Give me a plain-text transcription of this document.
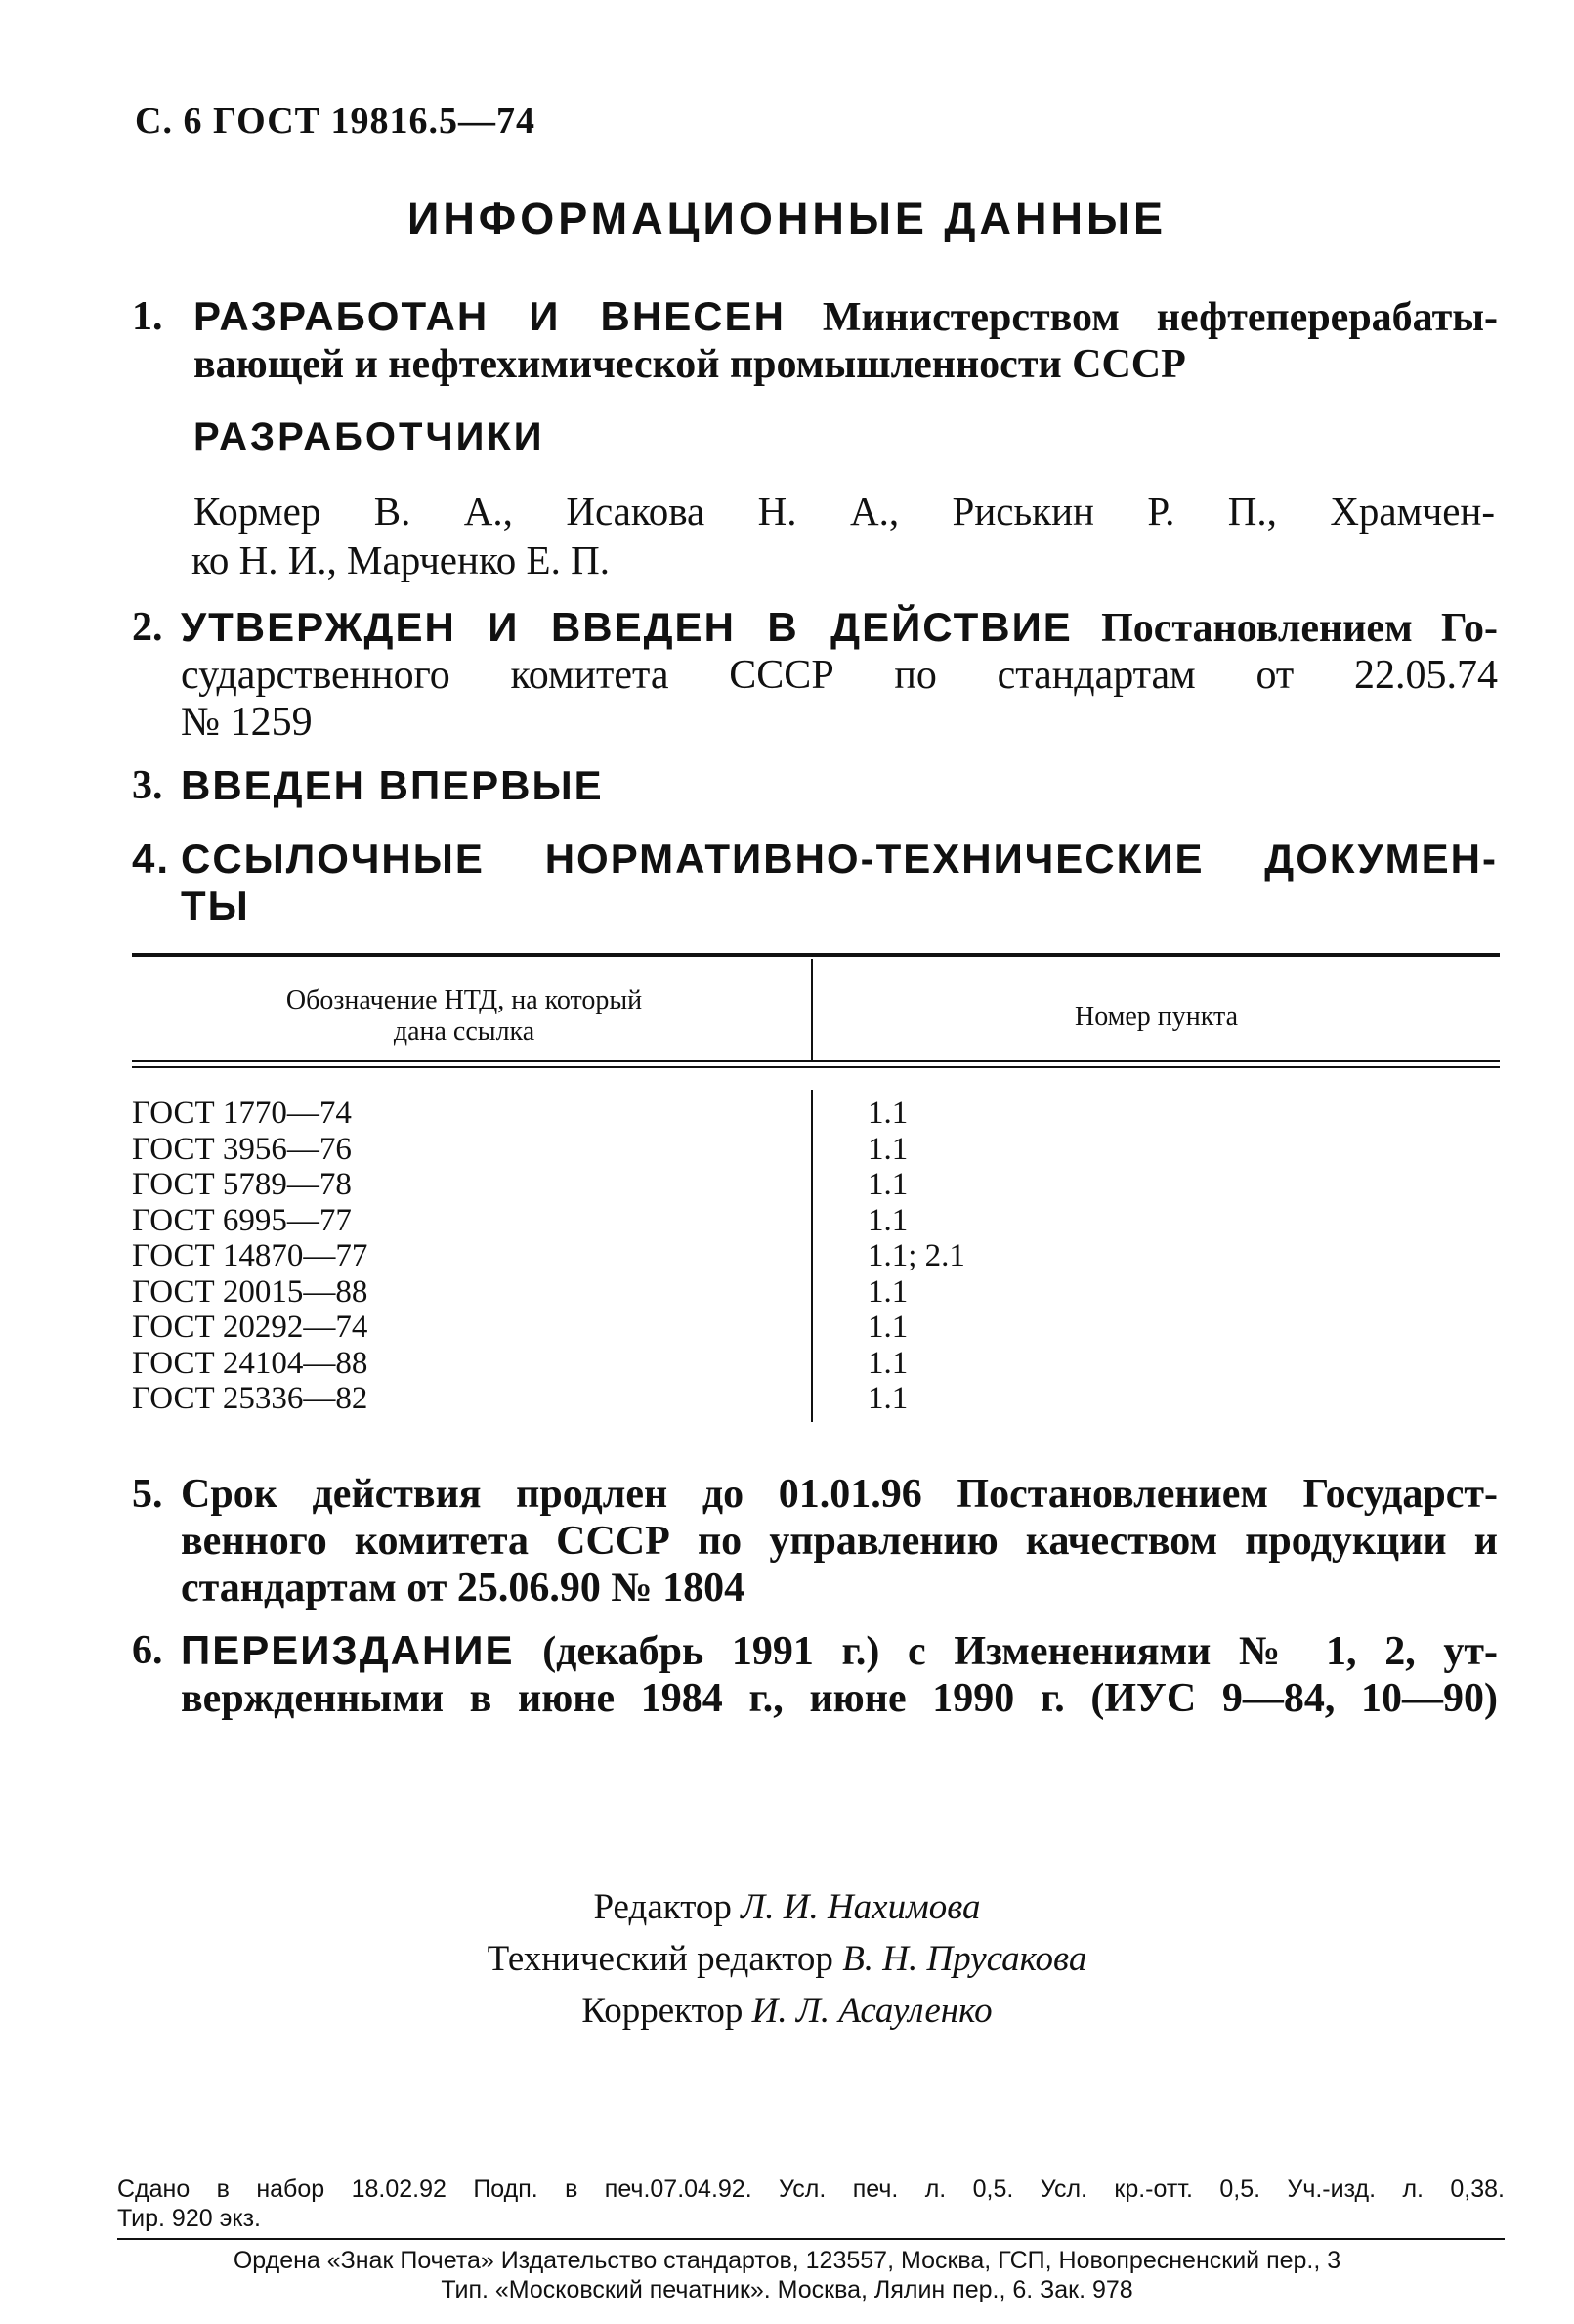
С. 6 ГОСТ 19816.5—74
ИНФОРМАЦИОННЫЕ ДАННЫЕ
1. РАЗРАБОТАН И ВНЕСЕН Министерством нефтеперерабаты-
вающей и нефтехимической промышленности СССР
РАЗРАБОТЧИКИ
Кормер В. А., Исакова Н. А., Риськин Р. П., Храмчен-
ко Н. И., Марченко Е. П.
2. УТВЕРЖДЕН И ВВЕДЕН В ДЕЙСТВИЕ Постановлением Го-
сударственного комитета СССР по стандартам от 22.05.74
№ 1259
3. ВВЕДЕН ВПЕРВЫЕ
4. ССЫЛОЧНЫЕ НОРМАТИВНО-ТЕХНИЧЕСКИЕ ДОКУМЕН-
ТЫ
Обозначение НТД, на который
дана ссылка	Номер пункта
ГОСТ 1770—74	1.1
ГОСТ 3956—76	1.1
ГОСТ 5789—78	1.1
ГОСТ 6995—77	1.1
ГОСТ 14870—77	1.1; 2.1
ГОСТ 20015—88	1.1
ГОСТ 20292—74	1.1
ГОСТ 24104—88	1.1
ГОСТ 25336—82	1.1
5. Срок действия продлен до 01.01.96 Постановлением Государст-
венного комитета СССР по управлению качеством продукции и
стандартам от 25.06.90 № 1804
6. ПЕРЕИЗДАНИЕ (декабрь 1991 г.) с Изменениями № 1, 2, ут-
вержденными в июне 1984 г., июне 1990 г. (ИУС 9—84, 10—90)
Редактор Л. И. Нахимова
Технический редактор В. Н. Прусакова
Корректор И. Л. Асауленко
Сдано в набор 18.02.92 Подп. в печ.07.04.92. Усл. печ. л. 0,5. Усл. кр.-отт. 0,5. Уч.-изд. л. 0,38.
Тир. 920 экз.
Ордена «Знак Почета» Издательство стандартов, 123557, Москва, ГСП, Новопресненский пер., 3
Тип. «Московский печатник». Москва, Лялин пер., 6. Зак. 978
